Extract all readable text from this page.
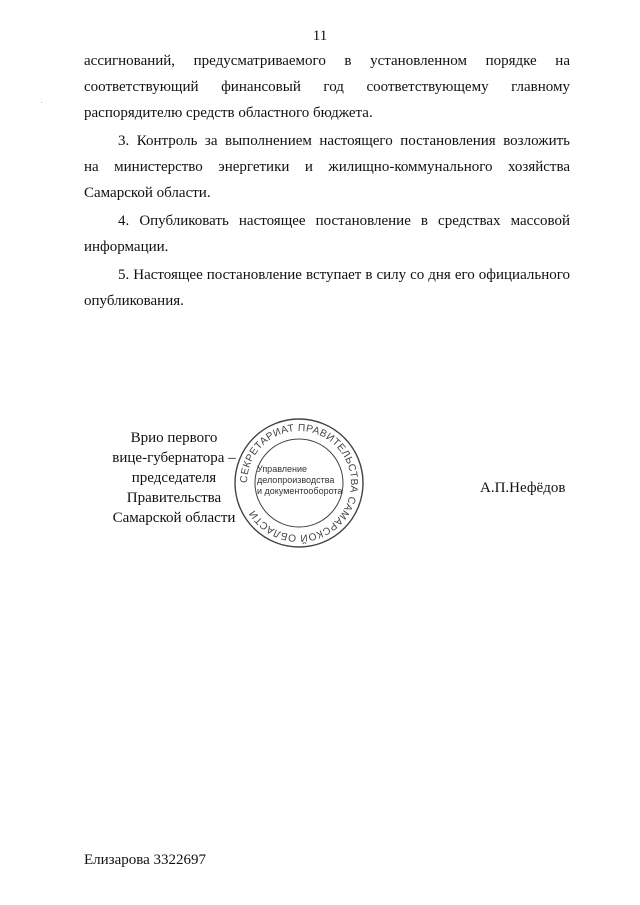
11
·
ассигнований, предусматриваемого в установленном порядке на
соответствующий финансовый год соответствующему главному
распорядителю средств областного бюджета.
3. Контроль за выполнением настоящего постановления возложить
на министерство энергетики и жилищно-коммунального хозяйства
Самарской области.
4. Опубликовать настоящее постановление в средствах массовой
информации.
5. Настоящее постановление вступает в силу со дня его официального
опубликования.
Врио первого
вице-губернатора –
председателя Правительства
Самарской области
СЕКРЕТАРИАТ ПРАВИТЕЛЬСТВА САМАРСКОЙ ОБЛАСТИ
Управление
делопроизводства
и документооборота	А.П.Нефёдов
Елизарова 3322697
